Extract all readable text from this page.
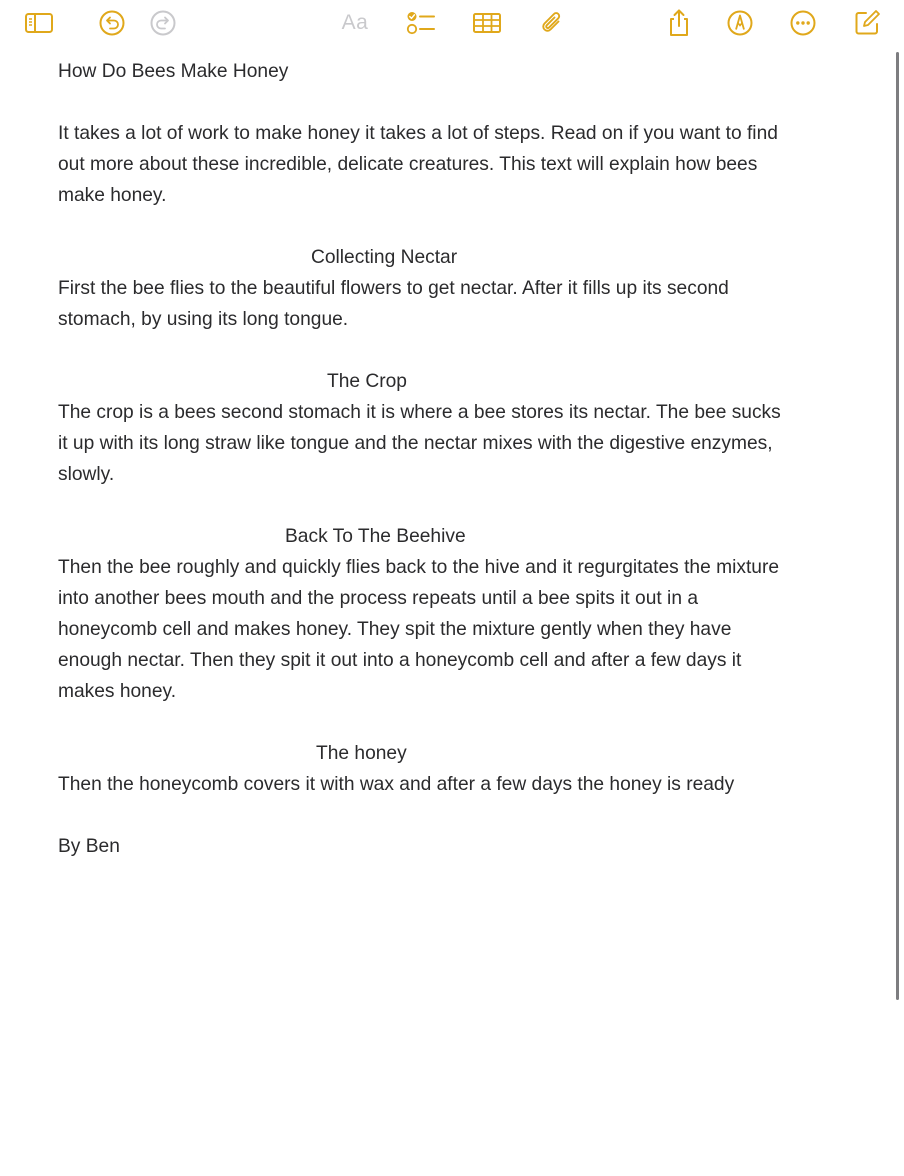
Aa
How Do Bees Make Honey
It takes a lot of work to make honey it takes a lot of steps. Read on if you want to find
out more about these incredible, delicate creatures. This text will explain how bees
make honey.
Collecting Nectar
First the bee flies to the beautiful flowers to get nectar. After it fills up its second
stomach, by using its long tongue.
The Crop
The crop is a bees second stomach it is where a bee stores its nectar. The bee sucks
it up with its long straw like tongue and the nectar mixes with the digestive enzymes,
slowly.
Back To The Beehive
Then the bee roughly and quickly flies back to the hive and it regurgitates the mixture
into another bees mouth and the process repeats until a bee spits it out in a
honeycomb cell and makes honey. They spit the mixture gently when they have
enough nectar. Then they spit it out into a honeycomb cell and after a few days it
makes honey.
The honey
Then the honeycomb covers it with wax and after a few days the honey is ready
By Ben
